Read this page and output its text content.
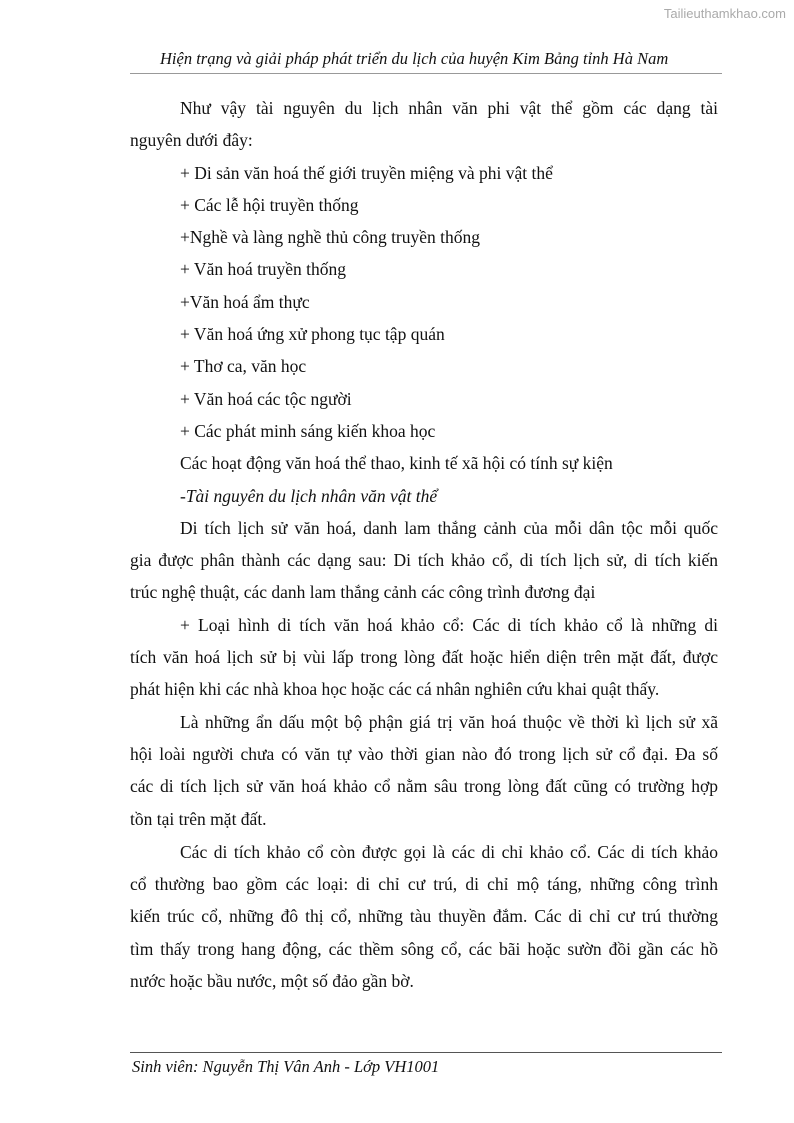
Tailieuthamkhao.com
Hiện trạng và giải pháp phát triển du lịch của huyện Kim Bảng tỉnh Hà Nam
Như vậy tài nguyên du lịch nhân văn phi vật thể gồm các dạng tài
nguyên dưới đây:
+ Di sản văn hoá thế giới truyền miệng và phi vật thể
+ Các lễ hội truyền thống
+Nghề và làng nghề thủ công truyền thống
+ Văn hoá truyền thống
+Văn hoá ẩm thực
+ Văn hoá ứng xử phong tục tập quán
+ Thơ ca, văn học
+ Văn hoá các tộc người
+ Các phát minh sáng kiến khoa học
Các hoạt động văn hoá thể thao, kinh tế xã hội có tính sự kiện
-Tài nguyên du lịch nhân văn vật thể
Di tích lịch sử văn hoá, danh lam thắng cảnh của mỗi dân tộc mỗi quốc
gia được phân thành các dạng sau: Di tích khảo cổ, di tích lịch sử, di tích kiến
trúc nghệ thuật, các danh lam thắng cảnh các công trình đương đại
+ Loại hình di tích văn hoá khảo cổ: Các di tích khảo cổ là những di
tích văn hoá lịch sử bị vùi lấp trong lòng đất hoặc hiển diện trên mặt đất, được
phát hiện khi các nhà khoa học hoặc các cá nhân nghiên cứu khai quật thấy.
Là những ẩn dấu một bộ phận giá trị văn hoá thuộc về thời kì lịch sử xã
hội loài người chưa có văn tự vào thời gian nào đó trong lịch sử cổ đại. Đa số
các di tích lịch sử văn hoá khảo cổ nằm sâu trong lòng đất cũng có trường hợp
tồn tại trên mặt đất.
Các di tích khảo cổ còn được gọi là các di chỉ khảo cổ. Các di tích khảo
cổ thường bao gồm các loại: di chỉ cư trú, di chỉ mộ táng, những công trình
kiến trúc cổ, những đô thị cổ, những tàu thuyền đắm. Các di chỉ cư trú thường
tìm thấy trong hang động, các thềm sông cổ, các bãi hoặc sườn đồi gần các hồ
nước hoặc bầu nước, một số đảo gần bờ.
Sinh viên: Nguyễn Thị Vân Anh - Lớp VH1001
